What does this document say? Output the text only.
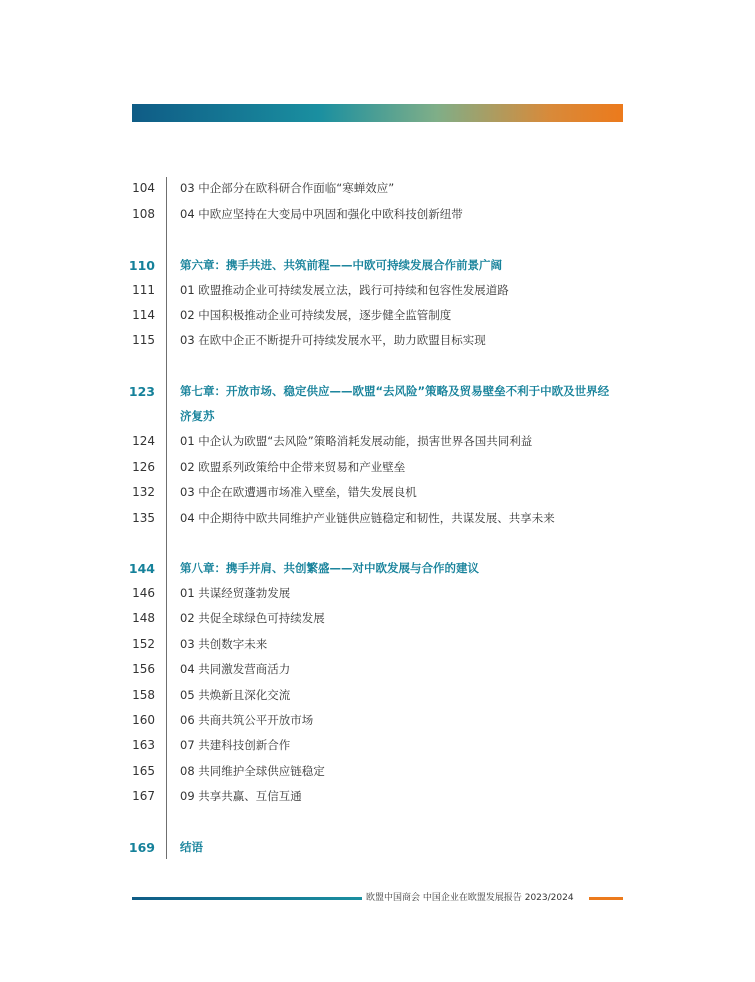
104 03 中企部分在欧科研合作面临“寒蝉效应”
108 04 中欧应坚持在大变局中巩固和强化中欧科技创新纽带
110 第六章：携手共进、共筑前程——中欧可持续发展合作前景广阔
111 01 欧盟推动企业可持续发展立法，践行可持续和包容性发展道路
114 02 中国积极推动企业可持续发展，逐步健全监管制度
115 03 在欧中企正不断提升可持续发展水平，助力欧盟目标实现
123 第七章：开放市场、稳定供应——欧盟“去风险”策略及贸易壁垒不利于中欧及世界经济复苏
124 01 中企认为欧盟“去风险”策略消耗发展动能，损害世界各国共同利益
126 02 欧盟系列政策给中企带来贸易和产业壁垒
132 03 中企在欧遭遇市场准入壁垒，错失发展良机
135 04 中企期待中欧共同维护产业链供应链稳定和韧性，共谋发展、共享未来
144 第八章：携手并肩、共创繁盛——对中欧发展与合作的建议
146 01 共谋经贸蓬勃发展
148 02 共促全球绿色可持续发展
152 03 共创数字未来
156 04 共同激发营商活力
158 05 共焕新且深化交流
160 06 共商共筑公平开放市场
163 07 共建科技创新合作
165 08 共同维护全球供应链稳定
167 09 共享共赢、互信互通
169 结语
欧盟中国商会 中国企业在欧盟发展报告 2023/2024
